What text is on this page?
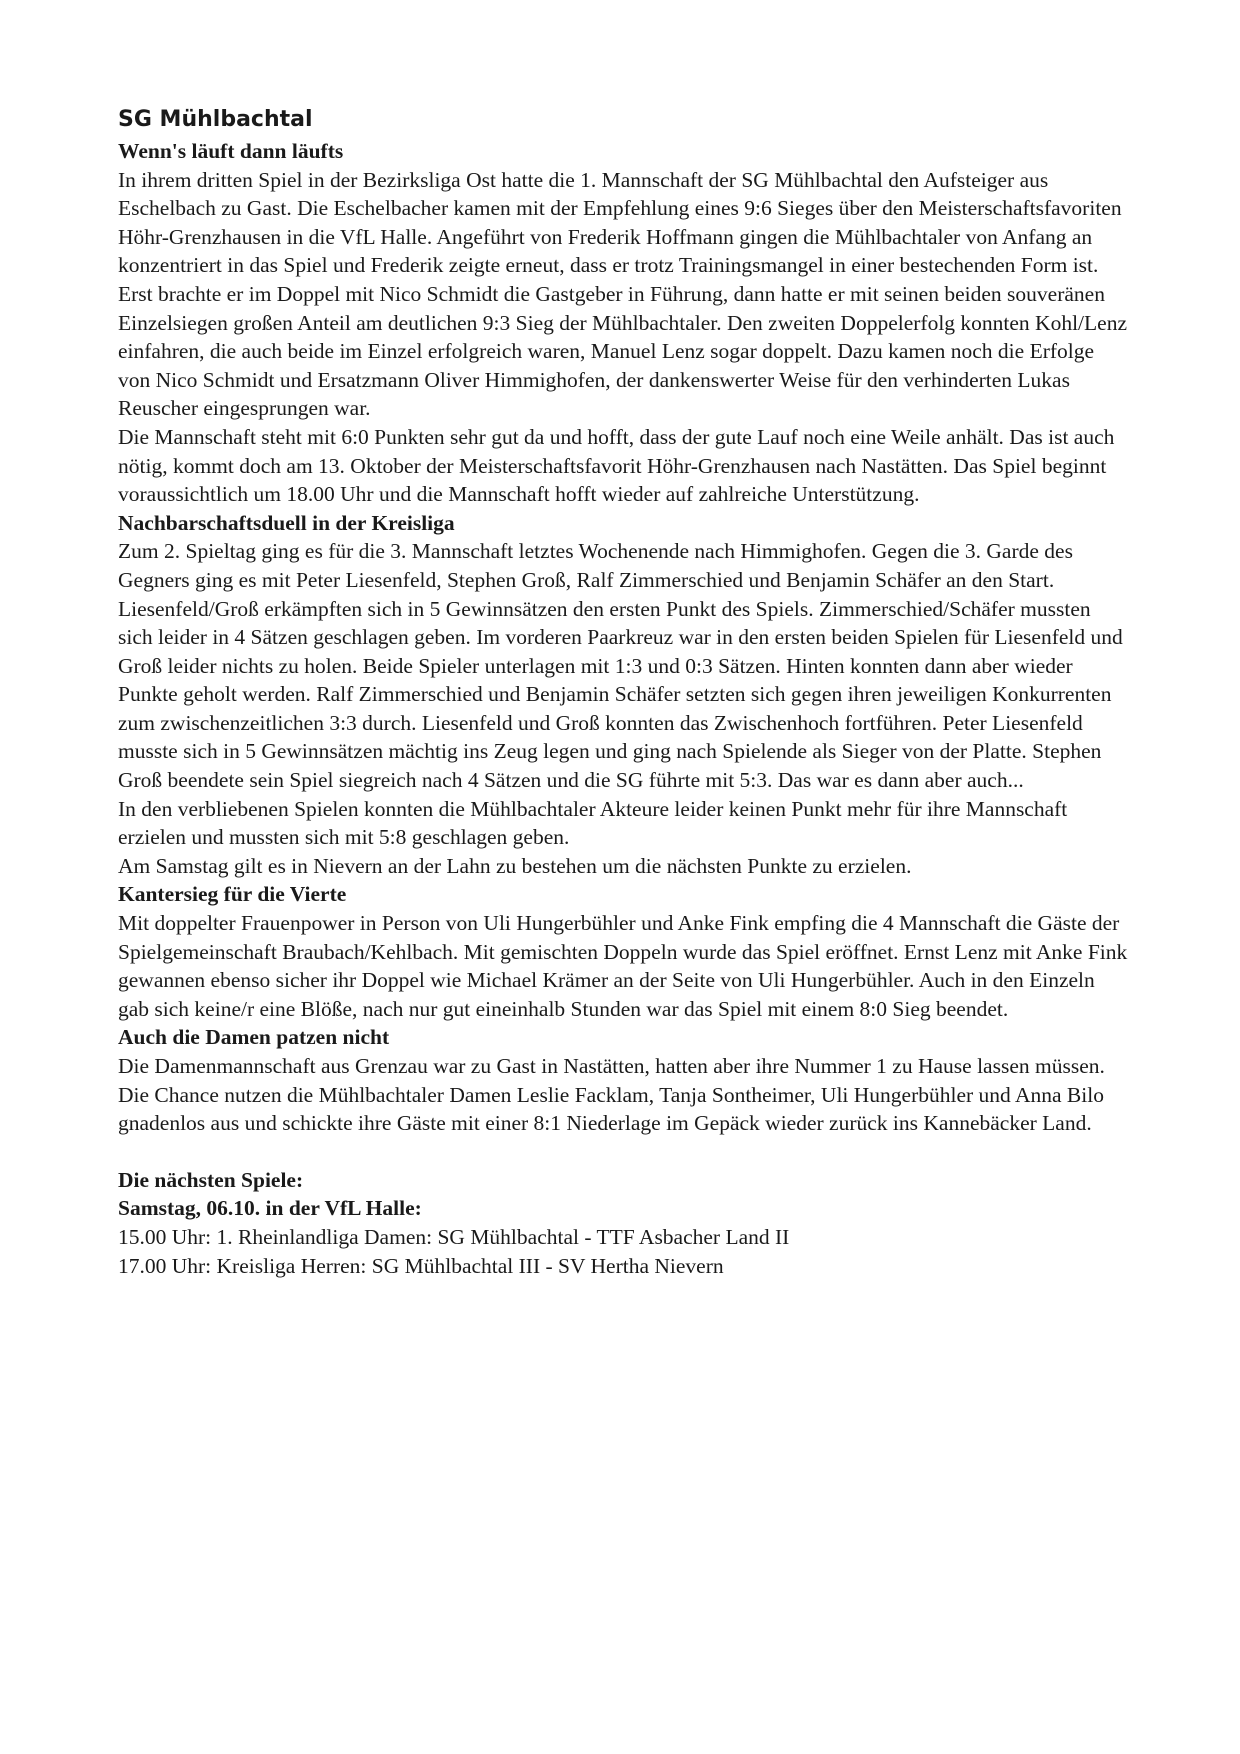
SG Mühlbachtal
Wenn's läuft dann läufts

In ihrem dritten Spiel in der Bezirksliga Ost hatte die 1. Mannschaft der SG Mühlbachtal den Aufsteiger aus Eschelbach zu Gast. Die Eschelbacher kamen mit der Empfehlung eines 9:6 Sieges über den Meisterschaftsfavoriten Höhr-Grenzhausen in die VfL Halle. Angeführt von Frederik Hoffmann gingen die Mühlbachtaler von Anfang an konzentriert in das Spiel und Frederik zeigte erneut, dass er trotz Trainingsmangel in einer bestechenden Form ist. Erst brachte er im Doppel mit Nico Schmidt die Gastgeber in Führung, dann hatte er mit seinen beiden souveränen Einzelsiegen großen Anteil am deutlichen 9:3 Sieg der Mühlbachtaler. Den zweiten Doppelerfolg konnten Kohl/Lenz einfahren, die auch beide im Einzel erfolgreich waren, Manuel Lenz sogar doppelt. Dazu kamen noch die Erfolge von Nico Schmidt und Ersatzmann Oliver Himmighofen, der dankenswerter Weise für den verhinderten Lukas Reuscher eingesprungen war.

Die Mannschaft steht mit 6:0 Punkten sehr gut da und hofft, dass der gute Lauf noch eine Weile anhält. Das ist auch nötig, kommt doch am 13. Oktober der Meisterschaftsfavorit Höhr-Grenzhausen nach Nastätten. Das Spiel beginnt voraussichtlich um 18.00 Uhr und die Mannschaft hofft wieder auf zahlreiche Unterstützung.

Nachbarschaftsduell in der Kreisliga

Zum 2. Spieltag ging es für die 3. Mannschaft letztes Wochenende nach Himmighofen. Gegen die 3. Garde des Gegners ging es mit Peter Liesenfeld, Stephen Groß, Ralf Zimmerschied und Benjamin Schäfer an den Start.

Liesenfeld/Groß erkämpften sich in 5 Gewinnsätzen den ersten Punkt des Spiels. Zimmerschied/Schäfer mussten sich leider in 4 Sätzen geschlagen geben. Im vorderen Paarkreuz war in den ersten beiden Spielen für Liesenfeld und Groß leider nichts zu holen. Beide Spieler unterlagen mit 1:3 und 0:3 Sätzen. Hinten konnten dann aber wieder Punkte geholt werden. Ralf Zimmerschied und Benjamin Schäfer setzten sich gegen ihren jeweiligen Konkurrenten zum zwischenzeitlichen 3:3 durch. Liesenfeld und Groß konnten das Zwischenhoch fortführen. Peter Liesenfeld musste sich in 5 Gewinnsätzen mächtig ins Zeug legen und ging nach Spielende als Sieger von der Platte. Stephen Groß beendete sein Spiel siegreich nach 4 Sätzen und die SG führte mit 5:3. Das war es dann aber auch...

In den verbliebenen Spielen konnten die Mühlbachtaler Akteure leider keinen Punkt mehr für ihre Mannschaft erzielen und mussten sich mit 5:8 geschlagen geben.

Am Samstag gilt es in Nievern an der Lahn zu bestehen um die nächsten Punkte zu erzielen.

Kantersieg für die Vierte

Mit doppelter Frauenpower in Person von Uli Hungerbühler und Anke Fink empfing die 4 Mannschaft die Gäste der Spielgemeinschaft Braubach/Kehlbach. Mit gemischten Doppeln wurde das Spiel eröffnet. Ernst Lenz mit Anke Fink gewannen ebenso sicher ihr Doppel wie Michael Krämer an der Seite von Uli Hungerbühler. Auch in den Einzeln gab sich keine/r eine Blöße, nach nur gut eineinhalb Stunden war das Spiel mit einem 8:0 Sieg beendet.

Auch die Damen patzen nicht

Die Damenmannschaft aus Grenzau war zu Gast in Nastätten, hatten aber ihre Nummer 1 zu Hause lassen müssen. Die Chance nutzen die Mühlbachtaler Damen Leslie Facklam, Tanja Sontheimer, Uli Hungerbühler und Anna Bilo gnadenlos aus und schickte ihre Gäste mit einer 8:1 Niederlage im Gepäck wieder zurück ins Kannebäcker Land.

Die nächsten Spiele:
Samstag, 06.10. in der VfL Halle:

15.00 Uhr: 1. Rheinlandliga Damen: SG Mühlbachtal - TTF Asbacher Land II

17.00 Uhr: Kreisliga Herren: SG Mühlbachtal III - SV Hertha Nievern
